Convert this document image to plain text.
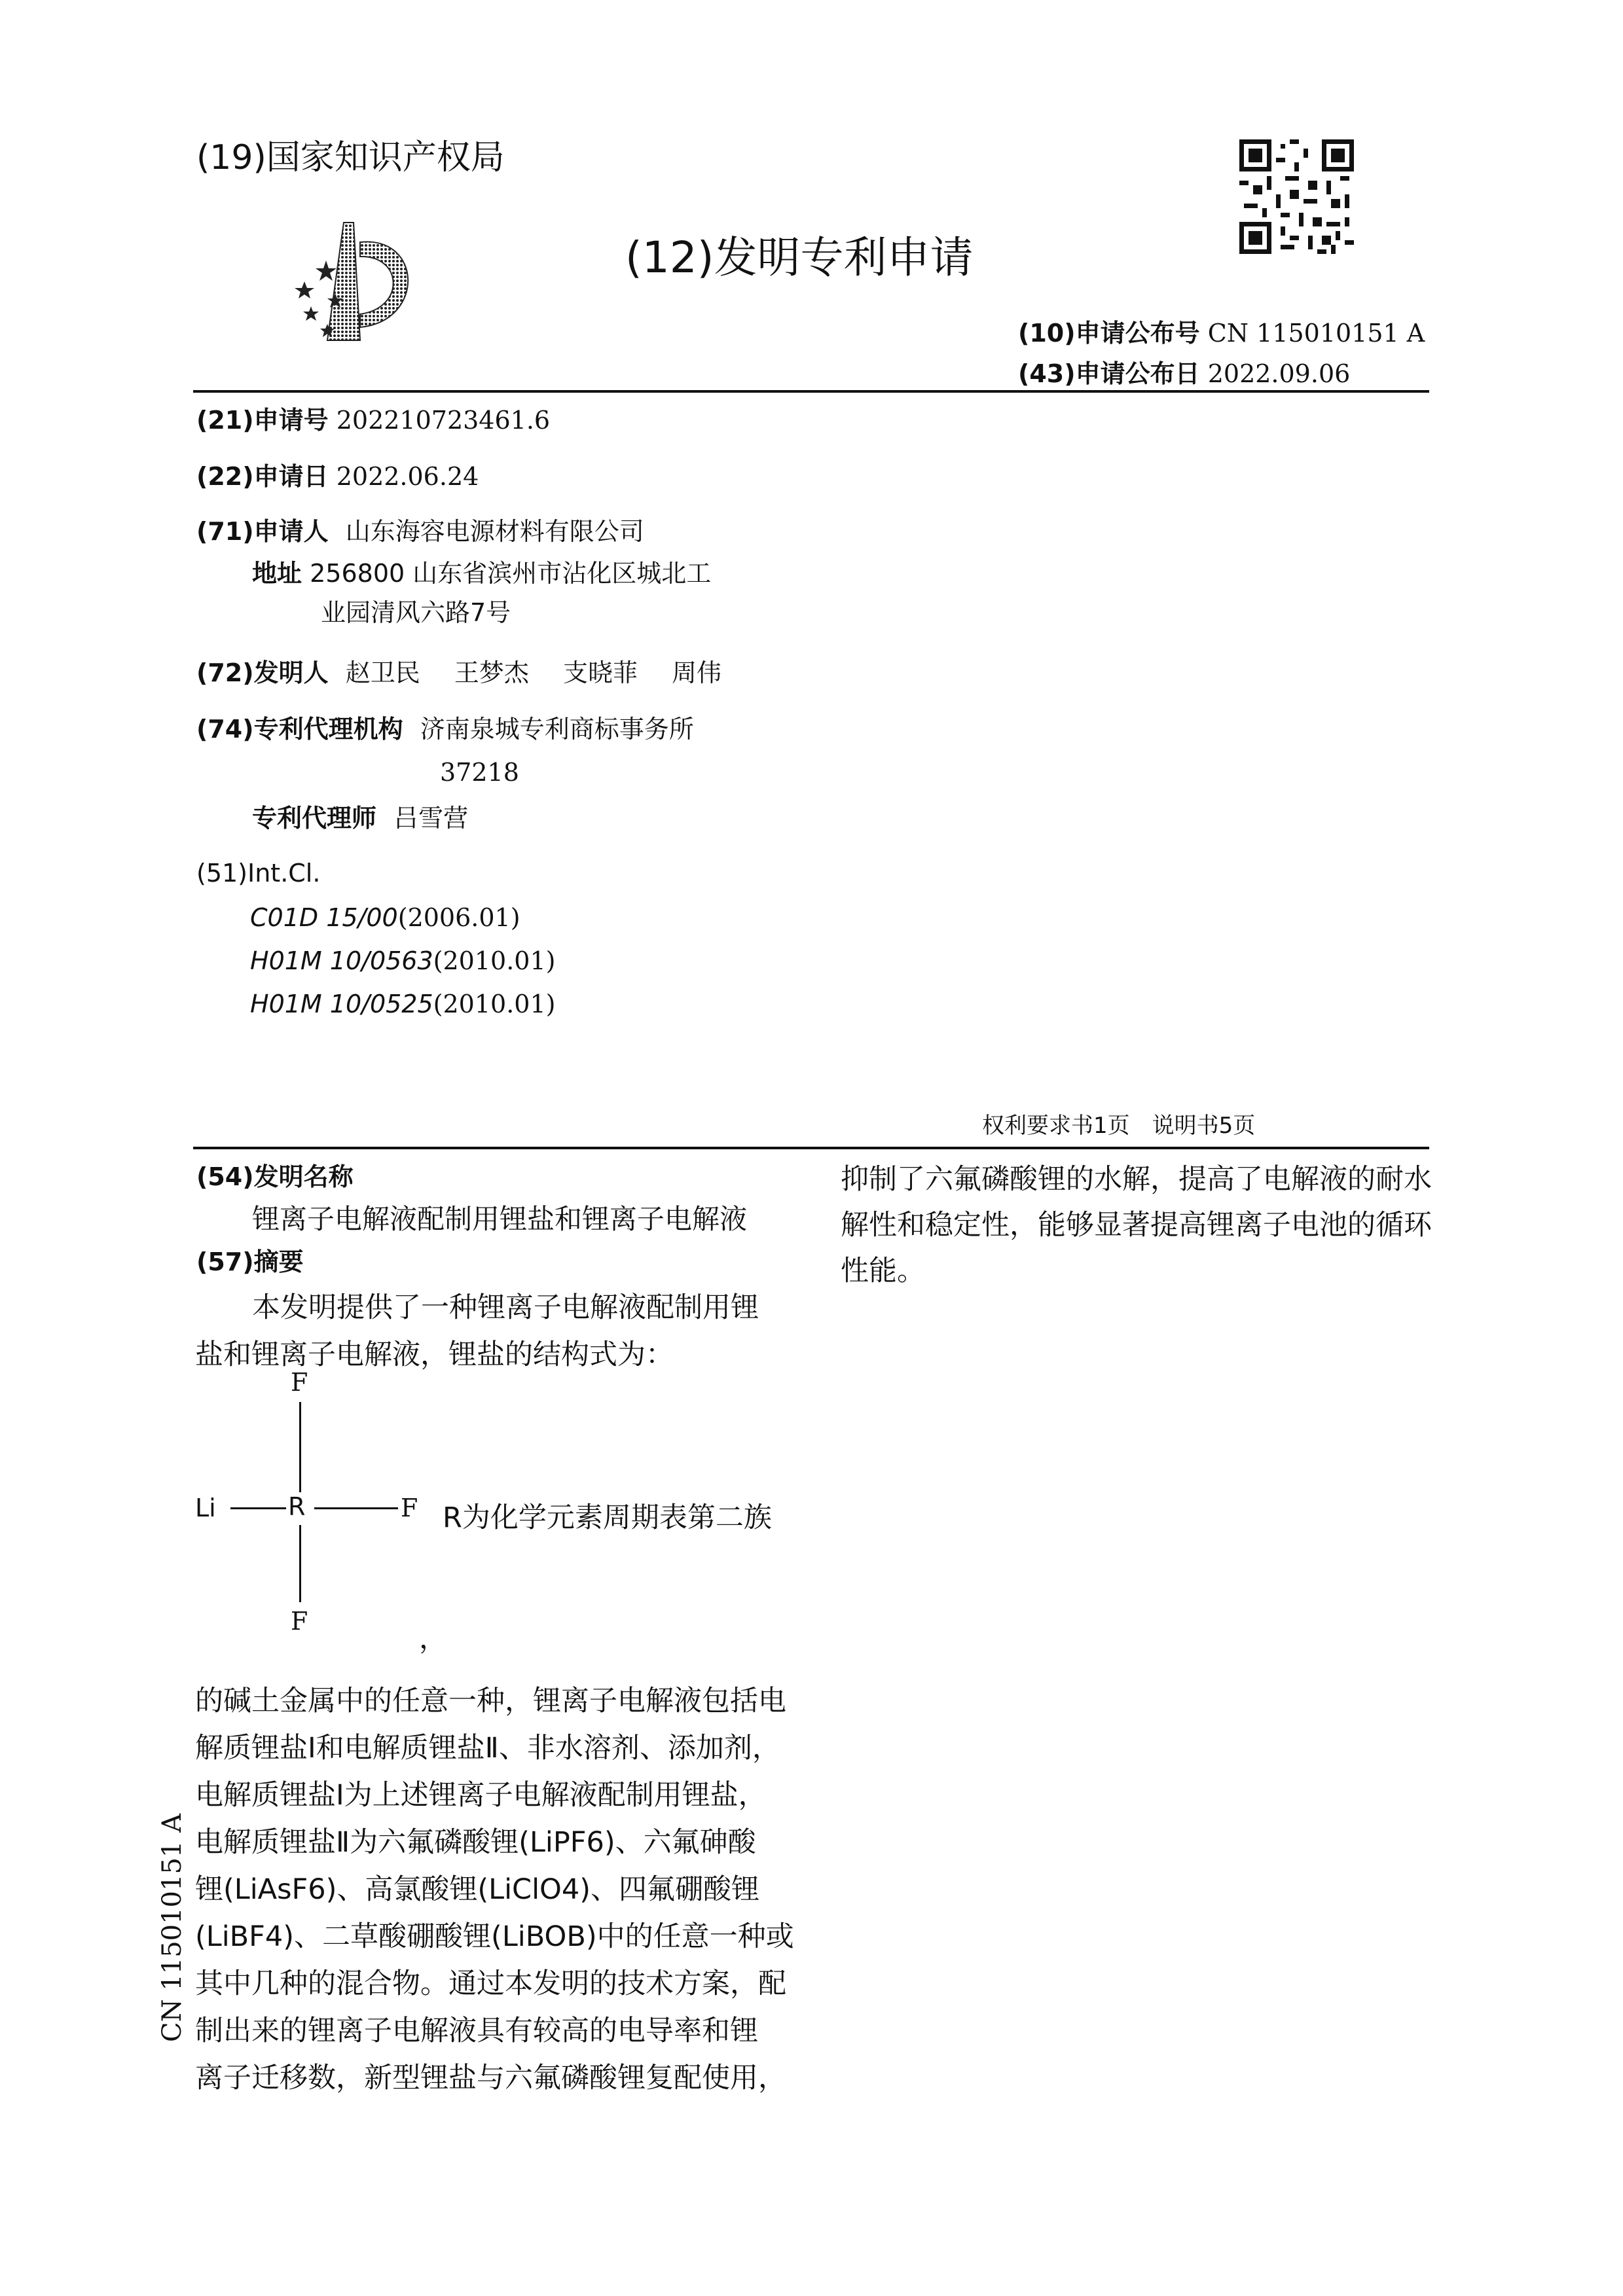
(19)国家知识产权局
(12)发明专利申请
(10)申请公布号 CN 115010151 A
(43)申请公布日 2022.09.06
(21)申请号 202210723461.6
(22)申请日 2022.06.24
(71)申请人 山东海容电源材料有限公司
地址 256800 山东省滨州市沾化区城北工
业园清风六路7号
(72)发明人 赵卫民 王梦杰 支晓菲 周伟
(74)专利代理机构 济南泉城专利商标事务所
37218
专利代理师 吕雪营
(51)Int.Cl.
C01D 15/00(2006.01)
H01M 10/0563(2010.01)
H01M 10/0525(2010.01)
权利要求书1页　说明书5页
(54)发明名称
锂离子电解液配制用锂盐和锂离子电解液
(57)摘要
本发明提供了一种锂离子电解液配制用锂
盐和锂离子电解液，锂盐的结构式为：
F
Li	R	F
F
R为化学元素周期表第二族
，
的碱土金属中的任意一种，锂离子电解液包括电
解质锂盐Ⅰ和电解质锂盐Ⅱ、非水溶剂、添加剂，
电解质锂盐Ⅰ为上述锂离子电解液配制用锂盐，
电解质锂盐Ⅱ为六氟磷酸锂(LiPF6)、六氟砷酸
锂(LiAsF6)、高氯酸锂(LiClO4)、四氟硼酸锂
(LiBF4)、二草酸硼酸锂(LiBOB)中的任意一种或
其中几种的混合物。通过本发明的技术方案，配
制出来的锂离子电解液具有较高的电导率和锂
离子迁移数，新型锂盐与六氟磷酸锂复配使用，
抑制了六氟磷酸锂的水解，提高了电解液的耐水
解性和稳定性，能够显著提高锂离子电池的循环
性能。
CN 115010151 A
